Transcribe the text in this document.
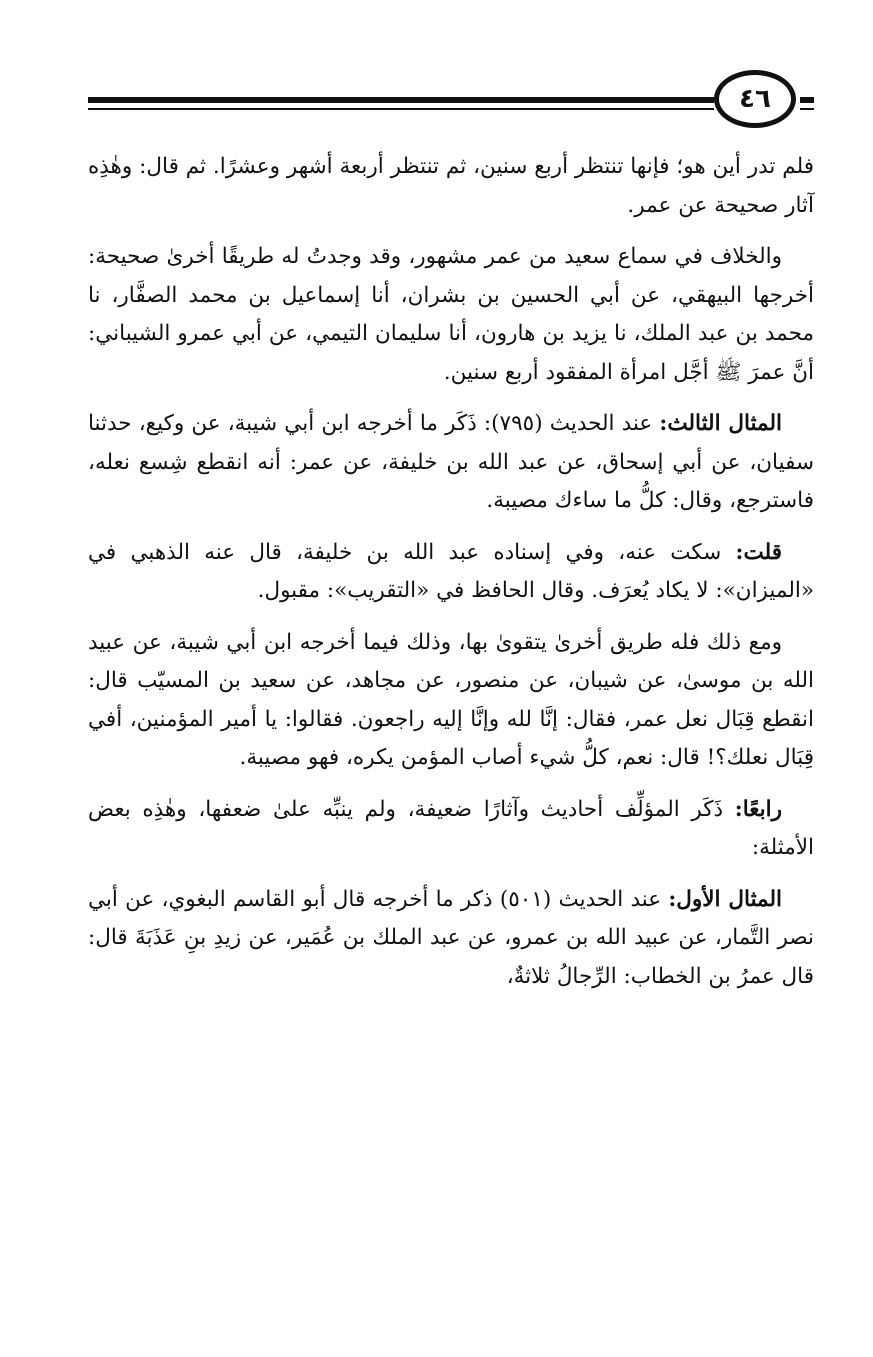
٤٦

فلم تدر أين هو؛ فإنها تنتظر أربع سنين، ثم تنتظر أربعة أشهر وعشرًا. ثم قال: وهٰذِه آثار صحيحة عن عمر.

والخلاف في سماع سعيد من عمر مشهور، وقد وجدتُ له طريقًا أخرىٰ صحيحة: أخرجها البيهقي، عن أبي الحسين بن بشران، أنا إسماعيل بن محمد الصفَّار، نا محمد بن عبد الملك، نا يزيد بن هارون، أنا سليمان التيمي، عن أبي عمرو الشيباني: أنَّ عمرَ ﷺ أجَّل امرأة المفقود أربع سنين.

المثال الثالث: عند الحديث (٧٩٥): ذَكَر ما أخرجه ابن أبي شيبة، عن وكيع، حدثنا سفيان، عن أبي إسحاق، عن عبد الله بن خليفة، عن عمر: أنه انقطع شِسع نعله، فاسترجع، وقال: كلُّ ما ساءك مصيبة.

قلت: سكت عنه، وفي إسناده عبد الله بن خليفة، قال عنه الذهبي في «الميزان»: لا يكاد يُعرَف. وقال الحافظ في «التقريب»: مقبول.

ومع ذلك فله طريق أخرىٰ يتقوىٰ بها، وذلك فيما أخرجه ابن أبي شيبة، عن عبيد الله بن موسىٰ، عن شيبان، عن منصور، عن مجاهد، عن سعيد بن المسيّب قال: انقطع قِبَال نعل عمر، فقال: إنَّا لله وإنَّا إليه راجعون. فقالوا: يا أمير المؤمنين، أفي قِبَال نعلك؟! قال: نعم، كلُّ شيء أصاب المؤمن يكره، فهو مصيبة.

رابعًا: ذَكَر المؤلِّف أحاديث وآثارًا ضعيفة، ولم ينبِّه علىٰ ضعفها، وهٰذِه بعض الأمثلة:

المثال الأول: عند الحديث (٥٠١) ذكر ما أخرجه قال أبو القاسم البغوي، عن أبي نصر التَّمار، عن عبيد الله بن عمرو، عن عبد الملك بن عُمَير، عن زيدِ بنِ عَذَبَةَ قال: قال عمرُ بن الخطاب: الرِّجالُ ثلاثةٌ،
